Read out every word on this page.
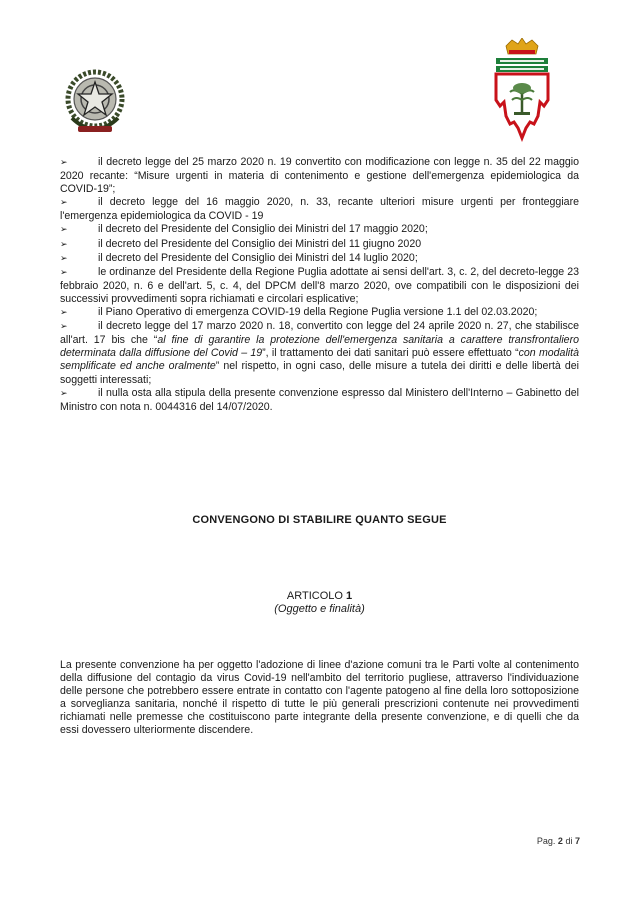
➢	il decreto legge del 25 marzo 2020 n. 19 convertito con modificazione con legge n. 35 del 22 maggio 2020 recante: “Misure urgenti in materia di contenimento e gestione dell'emergenza epidemiologica da COVID-19”;
➢	il decreto legge del 16 maggio 2020, n. 33, recante ulteriori misure urgenti per fronteggiare l'emergenza epidemiologica da COVID - 19
➢	il decreto del Presidente del Consiglio dei Ministri del 17 maggio 2020;
➢	il decreto del Presidente del Consiglio dei Ministri del 11 giugno 2020
➢	il decreto del Presidente del Consiglio dei Ministri del 14 luglio 2020;
➢	le ordinanze del Presidente della Regione Puglia adottate ai sensi dell'art. 3, c. 2, del decreto-legge 23 febbraio 2020, n. 6 e dell'art. 5, c. 4, del DPCM dell'8 marzo 2020, ove compatibili con le disposizioni dei successivi provvedimenti sopra richiamati e circolari esplicative;
➢	il Piano Operativo di emergenza COVID-19 della Regione Puglia versione 1.1 del 02.03.2020;
➢	il decreto legge del 17 marzo 2020 n. 18, convertito con legge del 24 aprile 2020 n. 27, che stabilisce all'art. 17 bis che “al fine di garantire la protezione dell'emergenza sanitaria a carattere transfrontaliero determinata dalla diffusione del Covid – 19”, il trattamento dei dati sanitari può essere effettuato “con modalità semplificate ed anche oralmente” nel rispetto, in ogni caso, delle misure a tutela dei diritti e delle libertà dei soggetti interessati;
➢	il nulla osta alla stipula della presente convenzione espresso dal Ministero dell'Interno – Gabinetto del Ministro con nota n. 0044316 del 14/07/2020.
CONVENGONO DI STABILIRE QUANTO SEGUE
ARTICOLO 1
(Oggetto e finalità)

La presente convenzione ha per oggetto l'adozione di linee d'azione comuni tra le Parti volte al contenimento della diffusione del contagio da virus Covid-19 nell'ambito del territorio pugliese, attraverso l'individuazione delle persone che potrebbero essere entrate in contatto con l'agente patogeno al fine della loro sottoposizione a sorveglianza sanitaria, nonché il rispetto di tutte le più generali prescrizioni contenute nei provvedimenti richiamati nelle premesse che costituiscono parte integrante della presente convenzione, e di quelli che da essi dovessero ulteriormente discendere.

Pag. 2 di 7
